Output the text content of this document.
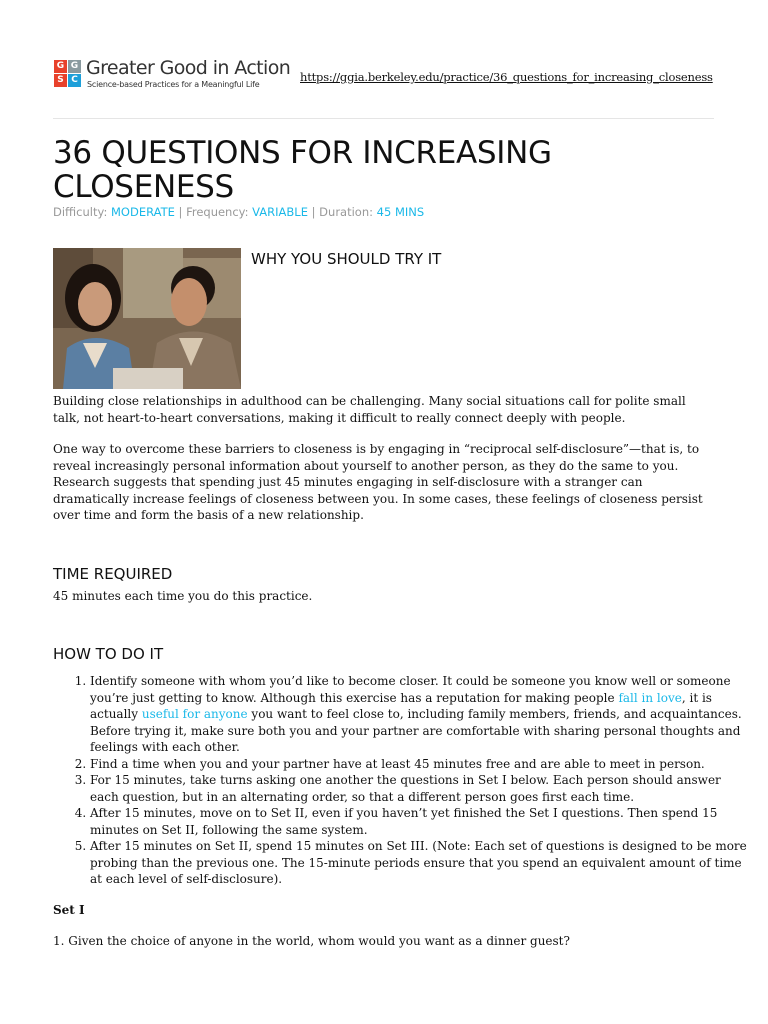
G G
S C
Greater Good in Action
Science-based Practices for a Meaningful Life
https://ggia.berkeley.edu/practice/36_questions_for_increasing_closeness
36 QUESTIONS FOR INCREASING
CLOSENESS
Difficulty: MODERATE | Frequency: VARIABLE | Duration: 45 MINS
WHY YOU SHOULD TRY IT

Building close relationships in adulthood can be challenging. Many social situations call for polite small talk, not heart-to-heart conversations, making it difficult to really connect deeply with people.

One way to overcome these barriers to closeness is by engaging in “reciprocal self-disclosure”—that is, to reveal increasingly personal information about yourself to another person, as they do the same to you. Research suggests that spending just 45 minutes engaging in self-disclosure with a stranger can dramatically increase feelings of closeness between you. In some cases, these feelings of closeness persist over time and form the basis of a new relationship.

TIME REQUIRED

45 minutes each time you do this practice.

HOW TO DO IT
1. Identify someone with whom you’d like to become closer. It could be someone you know well or someone you’re just getting to know. Although this exercise has a reputation for making people fall in love, it is actually useful for anyone you want to feel close to, including family members, friends, and acquaintances. Before trying it, make sure both you and your partner are comfortable with sharing personal thoughts and feelings with each other.
2. Find a time when you and your partner have at least 45 minutes free and are able to meet in person.
3. For 15 minutes, take turns asking one another the questions in Set I below. Each person should answer each question, but in an alternating order, so that a different person goes first each time.
4. After 15 minutes, move on to Set II, even if you haven’t yet finished the Set I questions. Then spend 15 minutes on Set II, following the same system.
5. After 15 minutes on Set II, spend 15 minutes on Set III. (Note: Each set of questions is designed to be more probing than the previous one. The 15-minute periods ensure that you spend an equivalent amount of time at each level of self-disclosure).
Set I
1. Given the choice of anyone in the world, whom would you want as a dinner guest?
